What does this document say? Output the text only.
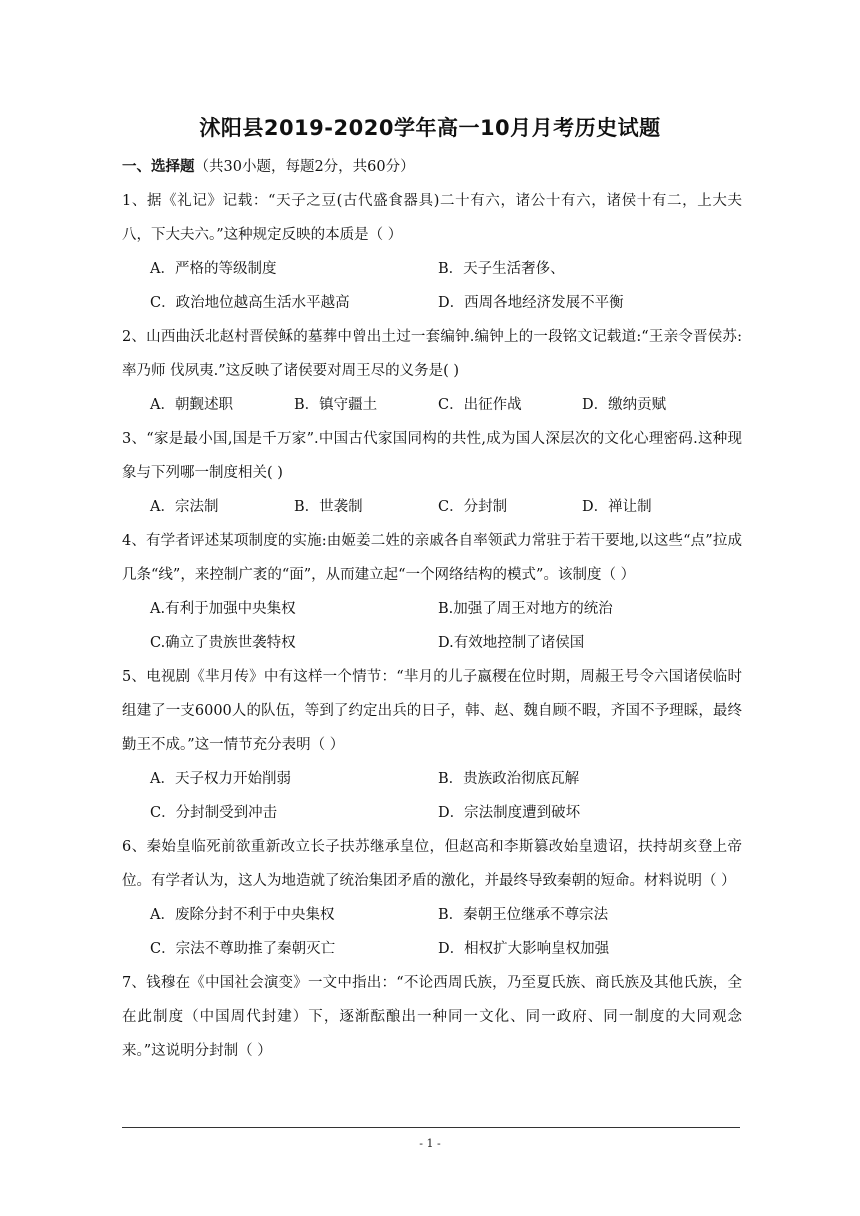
沭阳县2019-2020学年高一10月月考历史试题
一、选择题（共30小题，每题2分，共60分）
1、据《礼记》记载：“天子之豆(古代盛食器具)二十有六，诸公十有六，诸侯十有二，上大夫八，下大夫六。”这种规定反映的本质是（ ）
A．严格的等级制度	B．天子生活奢侈、
C．政治地位越高生活水平越高	D．西周各地经济发展不平衡
2、山西曲沃北赵村晋侯稣的墓葬中曾出土过一套编钟.编钟上的一段铭文记载道:“王亲令晋侯苏:率乃师 伐夙夷.”这反映了诸侯要对周王尽的义务是( )
A．朝觐述职	B．镇守疆土	C．出征作战	D．缴纳贡赋
3、“家是最小国,国是千万家”.中国古代家国同构的共性,成为国人深层次的文化心理密码.这种现象与下列哪一制度相关( )
A．宗法制	B．世袭制	C．分封制	D．禅让制
4、有学者评述某项制度的实施:由姬姜二姓的亲戚各自率领武力常驻于若干要地,以这些“点”拉成几条“线”，来控制广袤的“面”，从而建立起“一个网络结构的模式”。该制度（ ）
A.有利于加强中央集权	B.加强了周王对地方的统治
C.确立了贵族世袭特权	D.有效地控制了诸侯国
5、电视剧《芈月传》中有这样一个情节：“芈月的儿子嬴稷在位时期，周赧王号令六国诸侯临时组建了一支6000人的队伍，等到了约定出兵的日子，韩、赵、魏自顾不暇，齐国不予理睬，最终勤王不成。”这一情节充分表明（ ）
A．天子权力开始削弱	B．贵族政治彻底瓦解
C．分封制受到冲击	D．宗法制度遭到破坏
6、秦始皇临死前欲重新改立长子扶苏继承皇位，但赵高和李斯篡改始皇遗诏，扶持胡亥登上帝位。有学者认为，这人为地造就了统治集团矛盾的激化，并最终导致秦朝的短命。材料说明（ ）
A．废除分封不利于中央集权	B．秦朝王位继承不尊宗法
C．宗法不尊助推了秦朝灭亡	D．相权扩大影响皇权加强
7、钱穆在《中国社会演变》一文中指出：“不论西周氏族，乃至夏氏族、商氏族及其他氏族，全在此制度（中国周代封建）下，逐渐酝酿出一种同一文化、同一政府、同一制度的大同观念来。”这说明分封制（ ）
- 1 -
